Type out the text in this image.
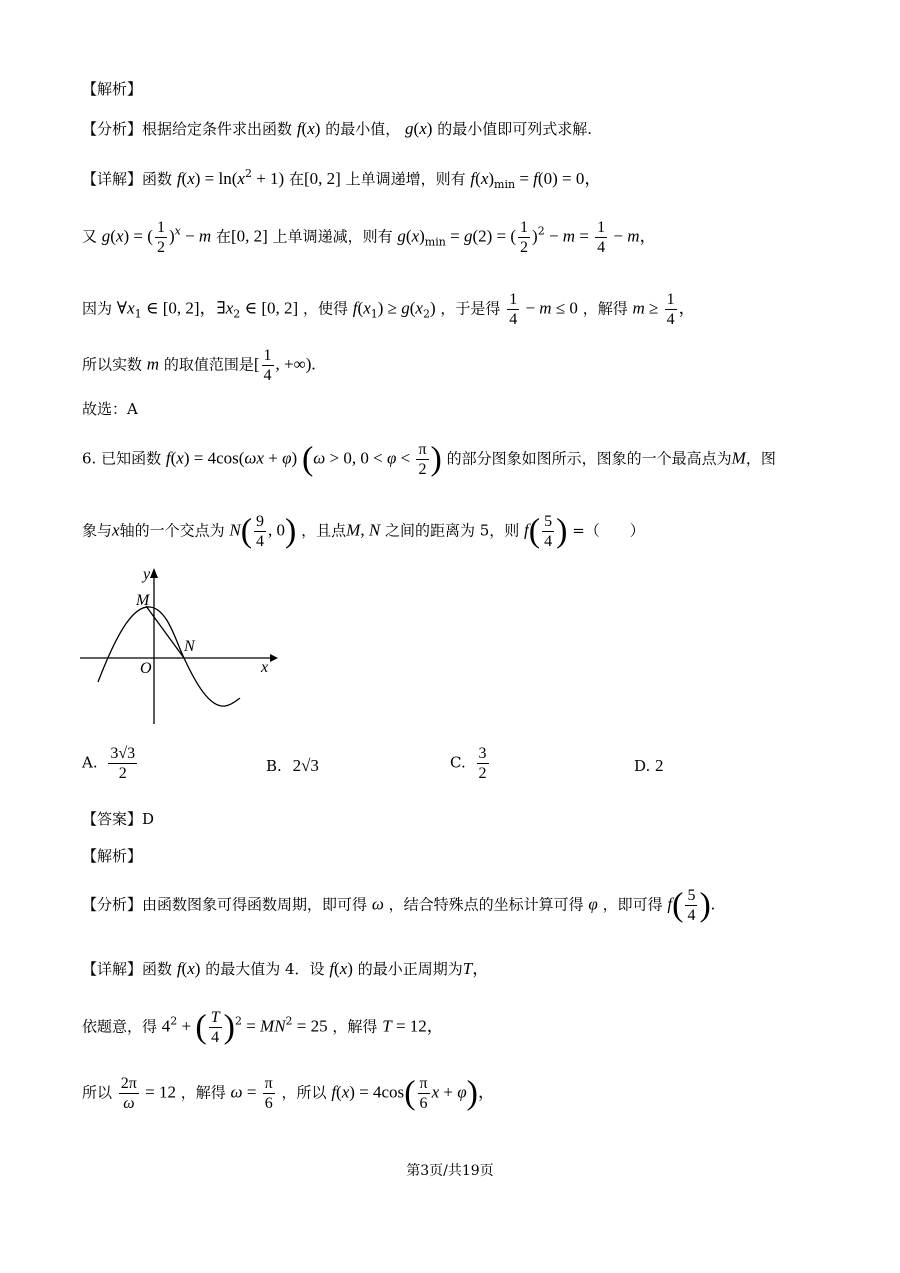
【解析】
【分析】根据给定条件求出函数 f(x) 的最小值， g(x) 的最小值即可列式求解.
【详解】函数 $f(x) = \ln(x^2 + 1)$ 在[0, 2] 上单调递增，则有 $f(x)_{min} = f(0) = 0$，
又 g(x) = ( $\frac{1}{2} )^x - m$ 在[0, 2] 上单调递减，则有 $g(x)_{min} = g(2)$ = ( $\frac{1}{2} )^2 - m = \frac{1}{4} - m$，
因为 $\forall x_1$ ∈ [0, 2]，$\exists x_2$ ∈ [0, 2] ，使得 $f(x_1) \ge g(x_2)$ ，于是得 $\frac{1}{4} - m \le 0$ ，解得 $m \ge \frac{1}{4}$ ，
所以实数 m 的取值范围是[ $\frac{1}{4}$ , +∞).
故选：A
6. 已知函数 f(x) = 4cos(ωx + φ) (ω > 0, $0 < \varphi < \frac{\pi}{2}$ ) 的部分图象如图所示，图象的一个最高点为M，图
象与x轴的一个交点为 $N( \frac{9}{4}$ , 0) ，且点M, N 之间的距离为 5，则 $f( \frac{5}{4}$ ) =（　　）
y
M
N
O	x
A. $\frac{3√3}{2}$	B. 2√3	C. $\frac{3}{2}$	D. 2
【答案】D
【解析】
【分析】由函数图象可得函数周期，即可得 ω ，结合特殊点的坐标计算可得 φ ，即可得 $f( \frac{5}{4}$ ).
【详解】函数 f(x) 的最大值为 4．设 f(x) 的最小正周期为T，
依题意，得 $4^2$ + ( $\frac{T}{4} )^2 = MN^2 = 25$ ，解得 T = 12，
所以 $\frac{2\pi}{\omega} = 12$ ，解得 $\omega = \frac{\pi}{6}$ ，所以 $f(x) = 4\cos( \frac{\pi}{6}$ x + φ)，
第3页/共19页
